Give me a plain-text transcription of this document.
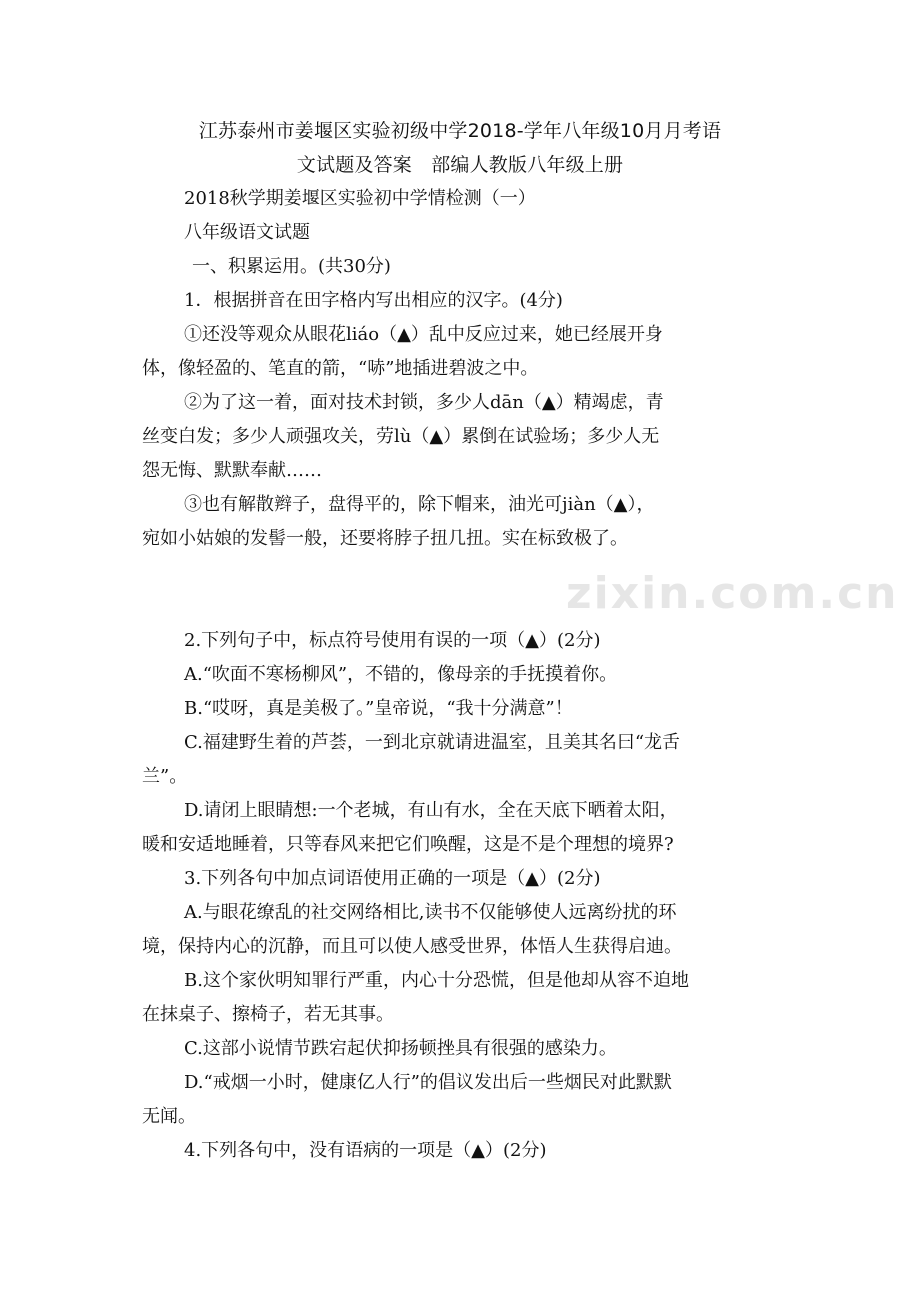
江苏泰州市姜堰区实验初级中学2018-学年八年级10月月考语
文试题及答案　部编人教版八年级上册
2018秋学期姜堰区实验初中学情检测（一）
八年级语文试题
一、积累运用。(共30分)
1．根据拼音在田字格内写出相应的汉字。(4分)
①还没等观众从眼花liáo（▲）乱中反应过来，她已经展开身
体，像轻盈的、笔直的箭，“哧”地插进碧波之中。
②为了这一着，面对技术封锁，多少人dān（▲）精竭虑，青
丝变白发；多少人顽强攻关，劳lù（▲）累倒在试验场；多少人无
怨无悔、默默奉献……
③也有解散辫子，盘得平的，除下帽来，油光可jiàn（▲），
宛如小姑娘的发髻一般，还要将脖子扭几扭。实在标致极了。
zixin.com.cn
2.下列句子中，标点符号使用有误的一项（▲）(2分)
A.“吹面不寒杨柳风”，不错的，像母亲的手抚摸着你。
B.“哎呀，真是美极了。”皇帝说，“我十分满意”！
C.福建野生着的芦荟，一到北京就请进温室，且美其名曰“龙舌
兰”。
D.请闭上眼睛想:一个老城，有山有水，全在天底下晒着太阳，
暖和安适地睡着，只等春风来把它们唤醒，这是不是个理想的境界?
3.下列各句中加点词语使用正确的一项是（▲）(2分)
A.与眼花缭乱的社交网络相比,读书不仅能够使人远离纷扰的环
境，保持内心的沉静，而且可以使人感受世界，体悟人生获得启迪。
B.这个家伙明知罪行严重，内心十分恐慌，但是他却从容不迫地
在抹桌子、擦椅子，若无其事。
C.这部小说情节跌宕起伏抑扬顿挫具有很强的感染力。
D.“戒烟一小时，健康亿人行”的倡议发出后一些烟民对此默默
无闻。
4.下列各句中，没有语病的一项是（▲）(2分)
